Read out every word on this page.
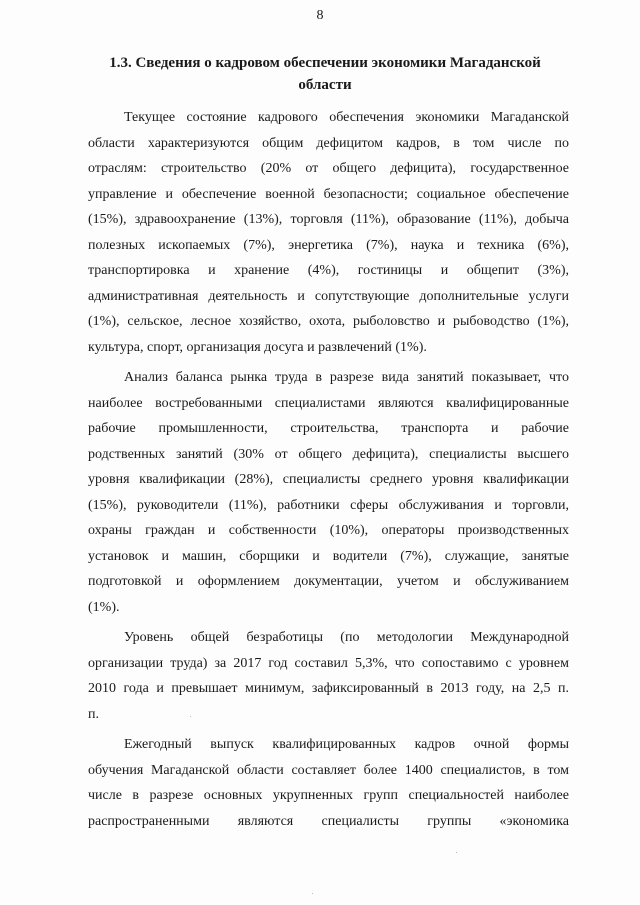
8
1.3. Сведения о кадровом обеспечении экономики Магаданской
области
Текущее состояние кадрового обеспечения экономики Магаданской
области характеризуются общим дефицитом кадров, в том числе по
отраслям: строительство (20% от общего дефицита), государственное
управление и обеспечение военной безопасности; социальное обеспечение
(15%), здравоохранение (13%), торговля (11%), образование (11%), добыча
полезных ископаемых (7%), энергетика (7%), наука и техника (6%),
транспортировка и хранение (4%), гостиницы и общепит (3%),
административная деятельность и сопутствующие дополнительные услуги
(1%), сельское, лесное хозяйство, охота, рыболовство и рыбоводство (1%),
культура, спорт, организация досуга и развлечений (1%).
Анализ баланса рынка труда в разрезе вида занятий показывает, что
наиболее востребованными специалистами являются квалифицированные
рабочие промышленности, строительства, транспорта и рабочие
родственных занятий (30% от общего дефицита), специалисты высшего
уровня квалификации (28%), специалисты среднего уровня квалификации
(15%), руководители (11%), работники сферы обслуживания и торговли,
охраны граждан и собственности (10%), операторы производственных
установок и машин, сборщики и водители (7%), служащие, занятые
подготовкой и оформлением документации, учетом и обслуживанием
(1%).
Уровень общей безработицы (по методологии Международной
организации труда) за 2017 год составил 5,3%, что сопоставимо с уровнем
2010 года и превышает минимум, зафиксированный в 2013 году, на 2,5 п.
п.
Ежегодный выпуск квалифицированных кадров очной формы
обучения Магаданской области составляет более 1400 специалистов, в том
числе в разрезе основных укрупненных групп специальностей наиболее
распространенными являются специалисты группы «экономика
